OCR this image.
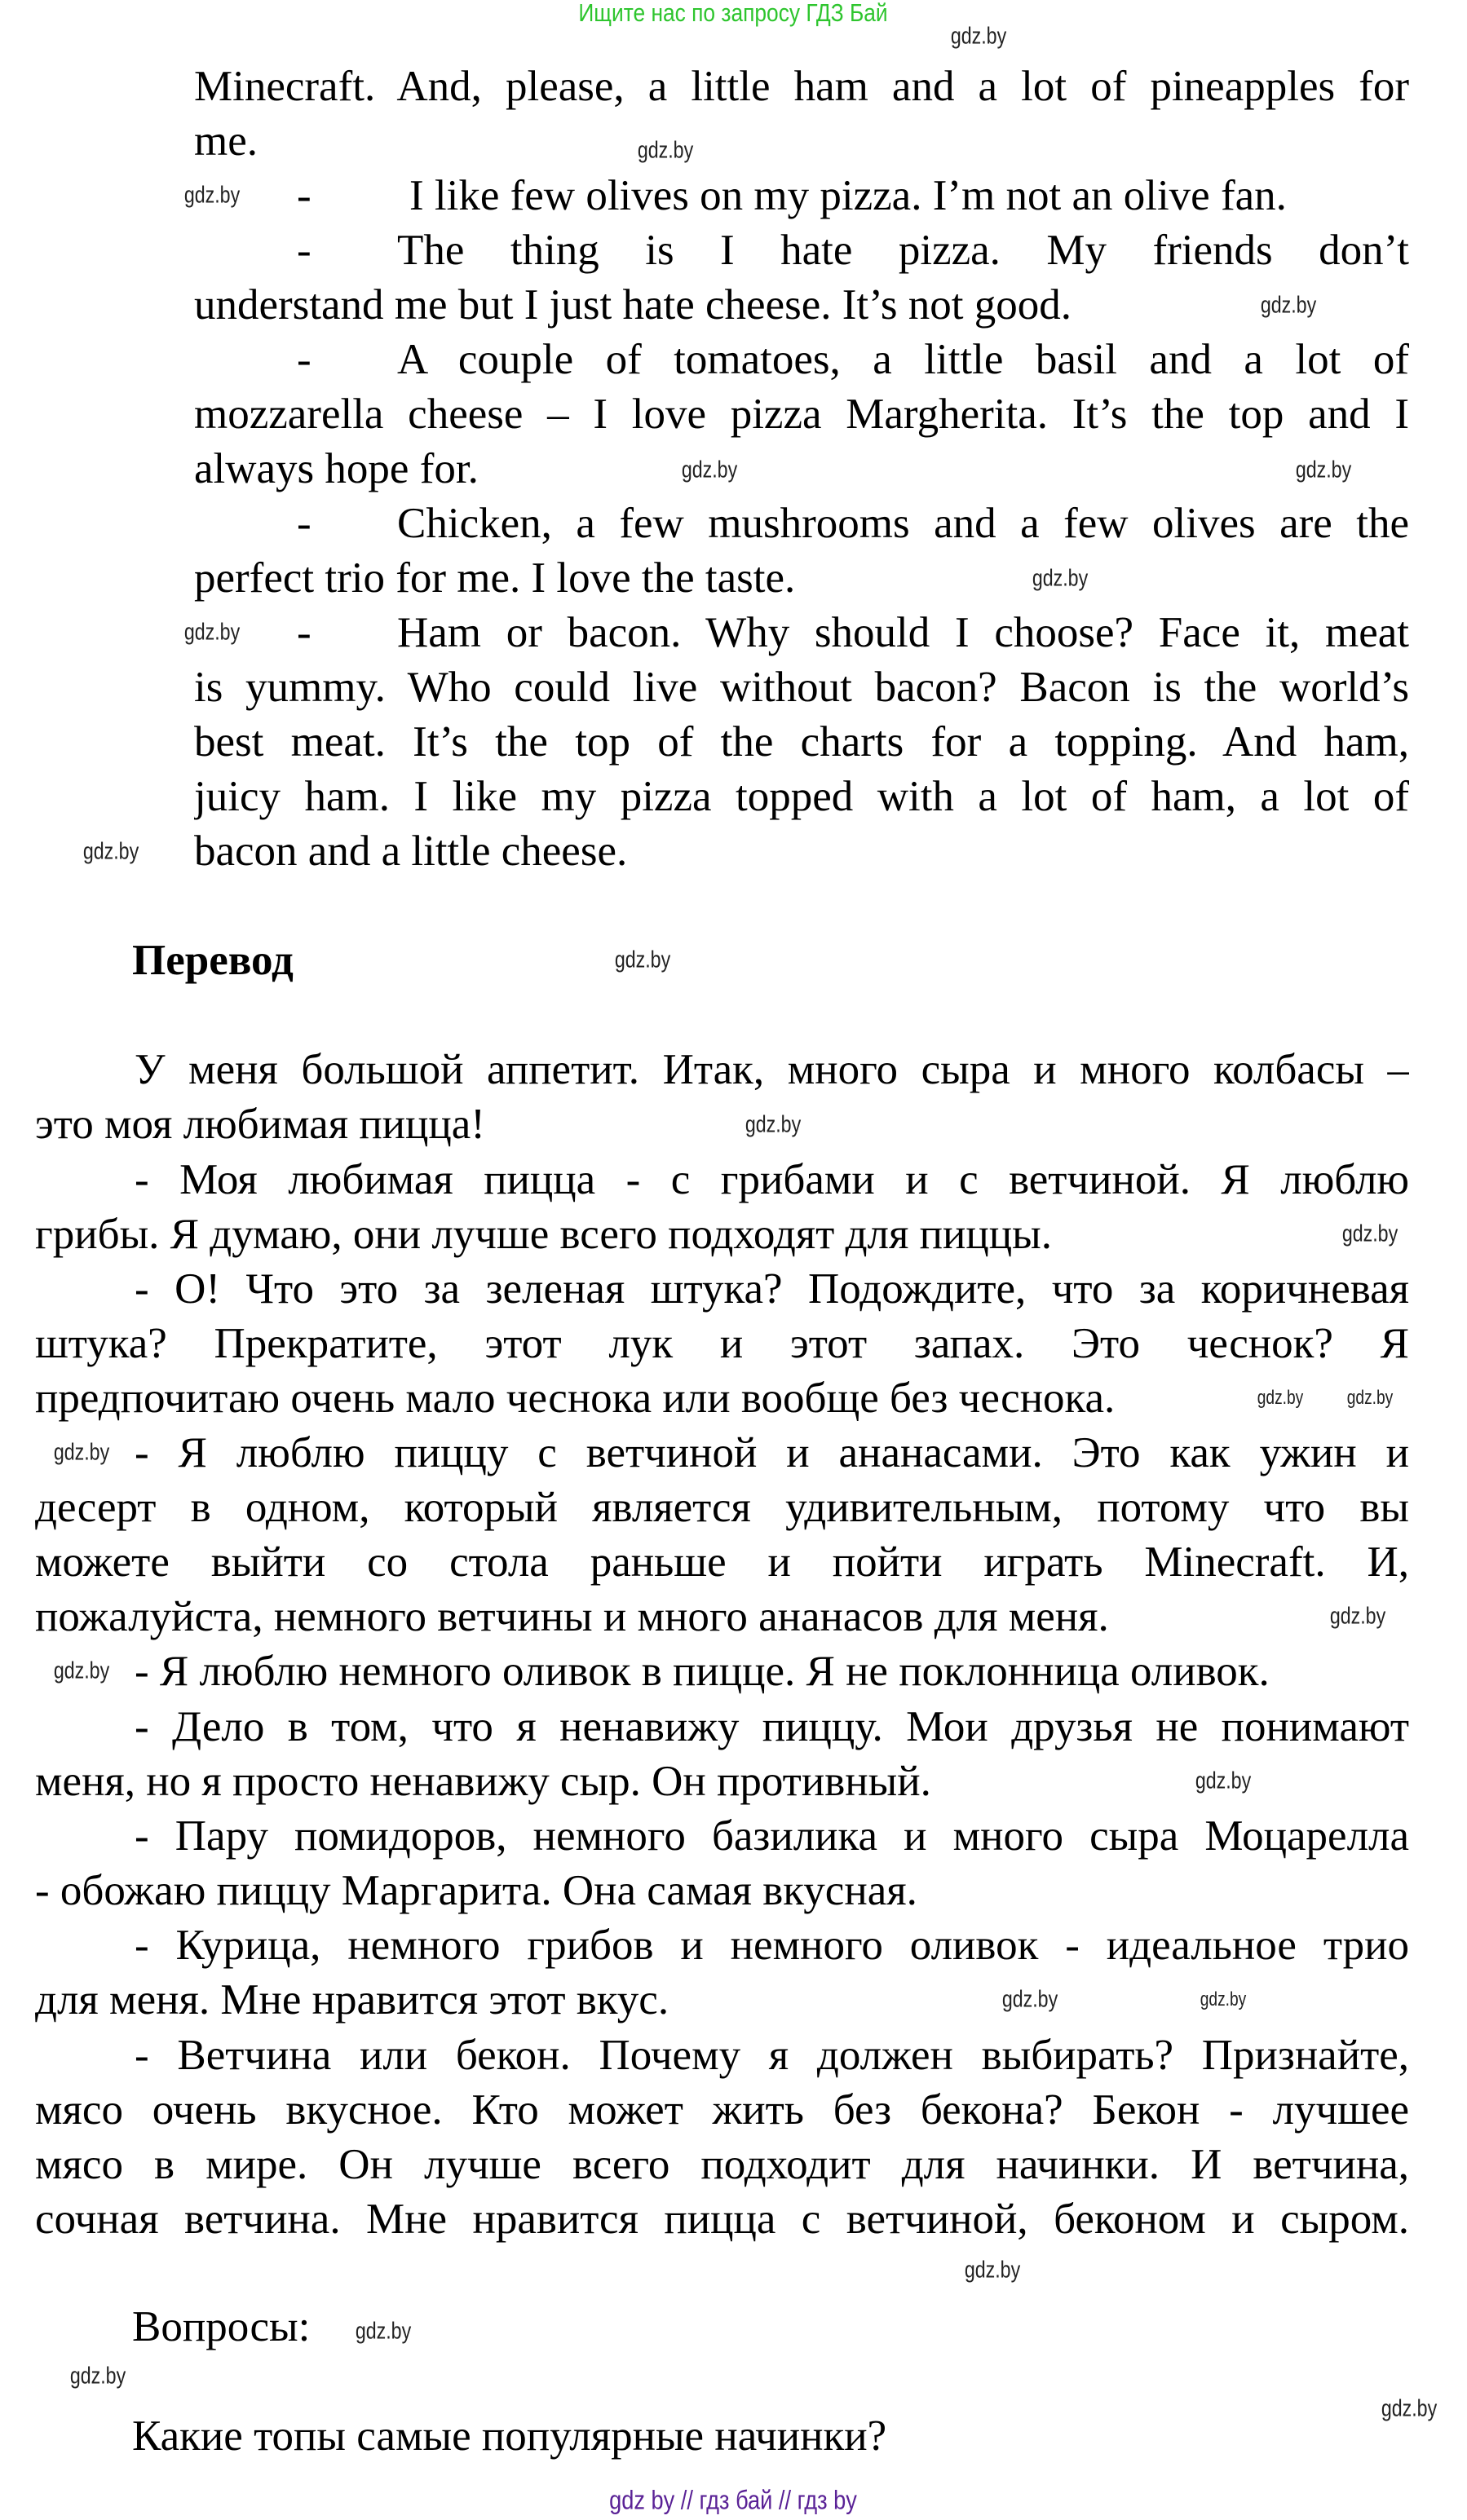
Ищите нас по запросу ГДЗ Бай
Minecraft. And, please, a little ham and a lot of pineapples for
me.
- I like few olives on my pizza. I’m not an olive fan.
- The thing is I hate pizza. My friends don’t
understand me but I just hate cheese. It’s not good.
- A couple of tomatoes, a little basil and a lot of
mozzarella cheese – I love pizza Margherita. It’s the top and I
always hope for.
- Chicken, a few mushrooms and a few olives are the
perfect trio for me. I love the taste.
- Ham or bacon. Why should I choose? Face it, meat
is yummy. Who could live without bacon? Bacon is the world’s
best meat. It’s the top of the charts for a topping. And ham,
juicy ham. I like my pizza topped with a lot of ham, a lot of
bacon and a little cheese.
Перевод
У меня большой аппетит. Итак, много сыра и много колбасы –
это моя любимая пицца!
- Моя любимая пицца - с грибами и с ветчиной. Я люблю
грибы. Я думаю, они лучше всего подходят для пиццы.
- О! Что это за зеленая штука? Подождите, что за коричневая
штука? Прекратите, этот лук и этот запах. Это чеснок? Я
предпочитаю очень мало чеснока или вообще без чеснока.
- Я люблю пиццу с ветчиной и ананасами. Это как ужин и
десерт в одном, который является удивительным, потому что вы
можете выйти со стола раньше и пойти играть Minecraft. И,
пожалуйста, немного ветчины и много ананасов для меня.
- Я люблю немного оливок в пицце. Я не поклонница оливок.
- Дело в том, что я ненавижу пиццу. Мои друзья не понимают
меня, но я просто ненавижу сыр. Он противный.
- Пару помидоров, немного базилика и много сыра Моцарелла
- обожаю пиццу Маргарита. Она самая вкусная.
- Курица, немного грибов и немного оливок - идеальное трио
для меня. Мне нравится этот вкус.
- Ветчина или бекон. Почему я должен выбирать? Признайте,
мясо очень вкусное. Кто может жить без бекона? Бекон - лучшее
мясо в мире. Он лучше всего подходит для начинки. И ветчина,
сочная ветчина. Мне нравится пицца с ветчиной, беконом и сыром.
Вопросы:
Какие топы самые популярные начинки?
gdz.by
gdz.by
gdz.by
gdz.by
gdz.by
gdz.by
gdz.by
gdz.by
gdz.by
gdz.by
gdz.by
gdz.by
gdz.by gdz.by
gdz.by
gdz.by
gdz.by
gdz.by
gdz.by	gdz.by
gdz.by
gdz.by
gdz.by
gdz.by
gdz by // гдз бай // гдз by
